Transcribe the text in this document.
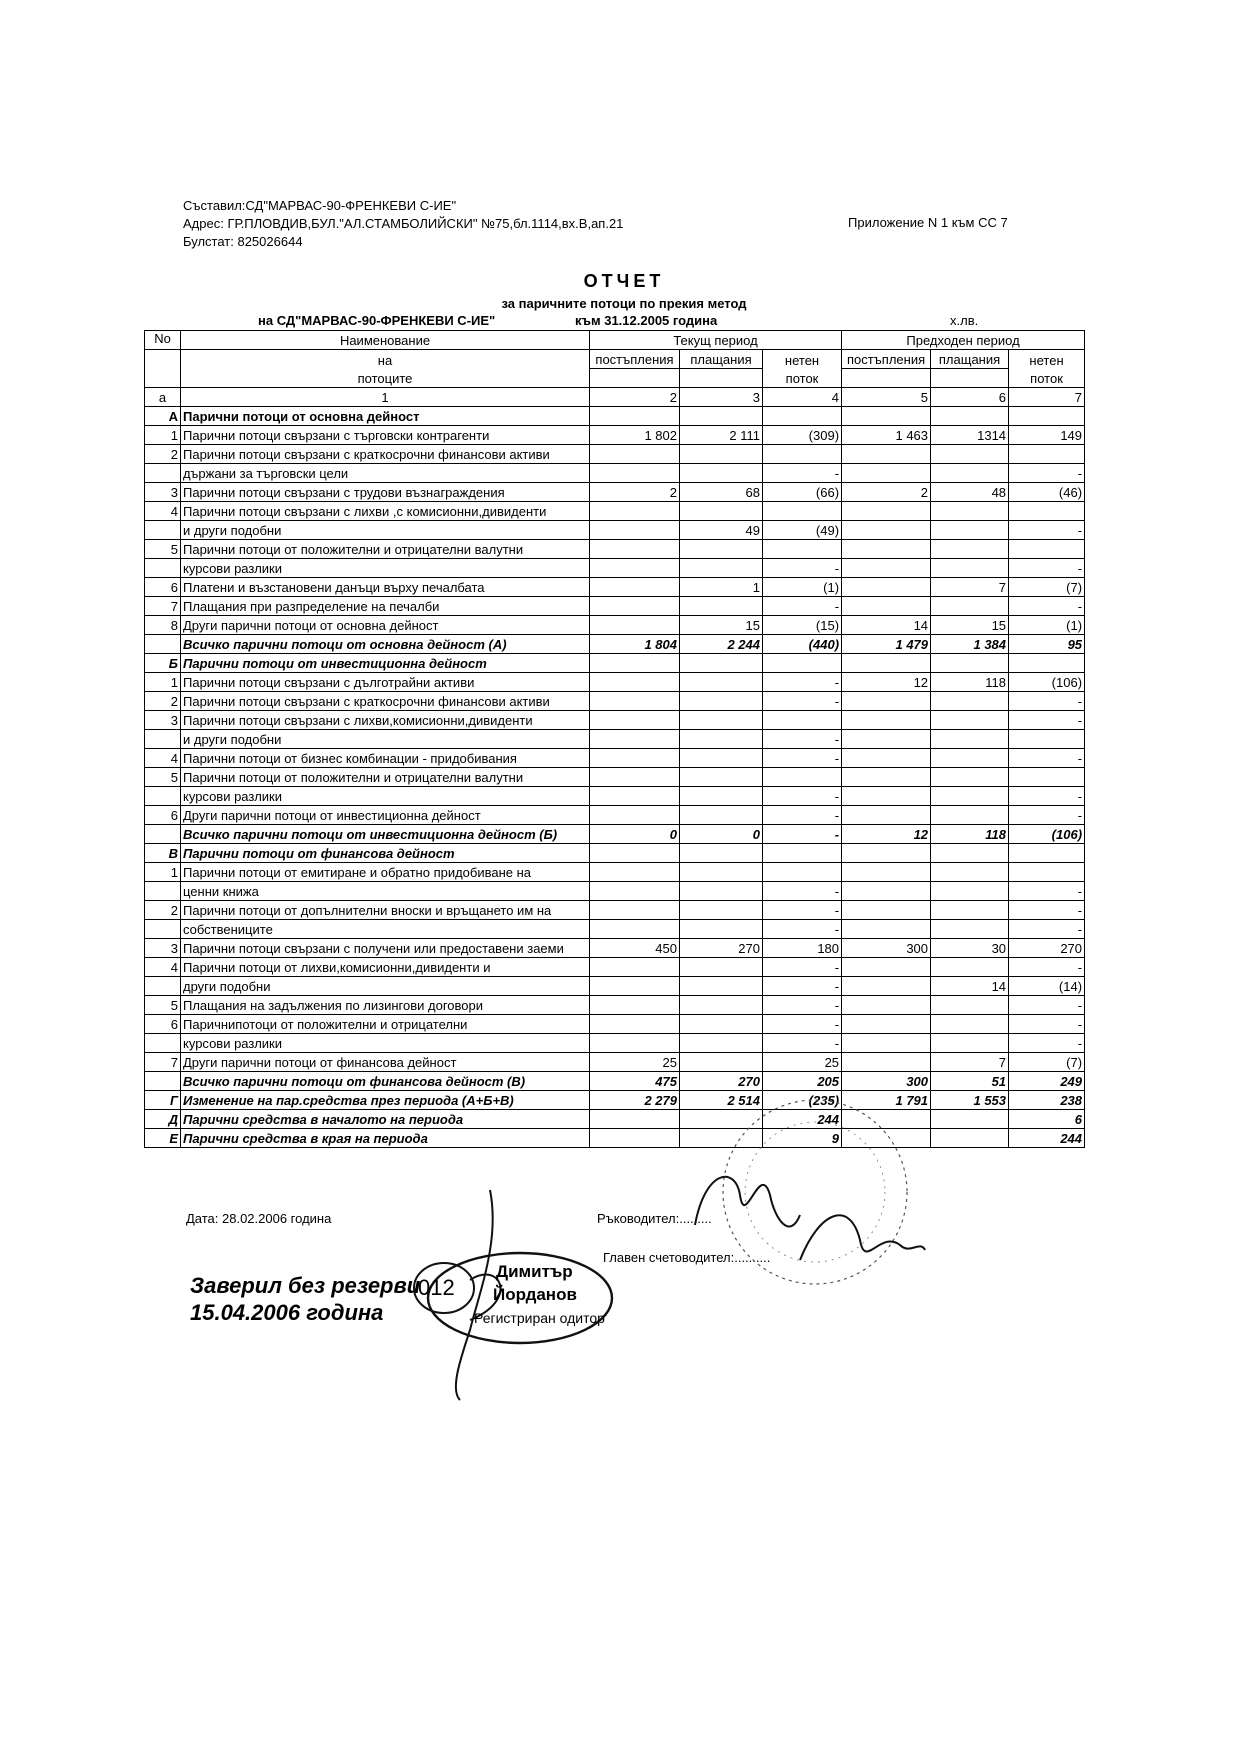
Съставил:СД"МАРВАС-90-ФРЕНКЕВИ С-ИЕ"
Адрес: ГР.ПЛОВДИВ,БУЛ."АЛ.СТАМБОЛИЙСКИ" №75,бл.1114,вх.В,ап.21
Булстат: 825026644
Приложение N 1 към СС 7
ОТЧЕТ
за паричните потоци по прекия метод
на СД"МАРВАС-90-ФРЕНКЕВИ С-ИЕ"	към 31.12.2005 година	х.лв.
No	Наименование	Текущ период			Предходен период		
	на	постъпления	плащания	нетен	постъпления	плащания	нетен
	потоците			поток			поток
а	1	2	3	4	5	6	7
А	Парични потоци от основна дейност						
1	Парични потоци свързани с търговски контрагенти	1 802	2 111	(309)	1 463	1314	149
2	Парични потоци свързани с краткосрочни финансови активи						
	държани за търговски цели			-			-
3	Парични потоци свързани с трудови възнаграждения	2	68	(66)	2	48	(46)
4	Парични потоци свързани с лихви ,с комисионни,дивиденти						
	и други подобни		49	(49)			-
5	Парични потоци от положителни и отрицателни валутни						
	курсови разлики			-			-
6	Платени и възстановени данъци върху печалбата		1	(1)		7	(7)
7	Плащания при разпределение на печалби			-			-
8	Други парични потоци от основна дейност		15	(15)	14	15	(1)
	Всичко парични потоци от основна дейност (А)	1 804	2 244	(440)	1 479	1 384	95
Б	Парични потоци от инвестиционна дейност						
1	Парични потоци свързани с дълготрайни активи			-	12	118	(106)
2	Парични потоци свързани с краткосрочни финансови активи			-			-
3	Парични потоци свързани с лихви,комисионни,дивиденти						-
	и други подобни			-			
4	Парични потоци от бизнес комбинации - придобивания			-			-
5	Парични потоци от положителни и отрицателни валутни						
	курсови разлики			-			-
6	Други парични потоци от инвестиционна дейност			-			-
	Всичко парични потоци от инвестиционна дейност (Б)	0	0	-	12	118	(106)
В	Парични потоци от финансова дейност						
1	Парични потоци от емитиране и обратно придобиване на						
	ценни книжа			-			-
2	Парични потоци от допълнителни вноски и връщането им на			-			-
	собствениците			-			-
3	Парични потоци свързани с получени или предоставени заеми	450	270	180	300	30	270
4	Парични потоци от лихви,комисионни,дивиденти и			-			-
	други подобни			-		14	(14)
5	Плащания на задължения по лизингови договори			-			-
6	Паричнипотоци от положителни и отрицателни			-			-
	курсови разлики			-			-
7	Други парични потоци от финансова дейност	25		25		7	(7)
	Всичко парични потоци от финансова дейност (В)	475	270	205	300	51	249
Г	Изменение на пар.средства през периода (А+Б+В)	2 279	2 514	(235)	1 791	1 553	238
Д	Парични средства в началото на периода			244			6
Е	Парични средства в края на периода			9			244
Дата: 28.02.2006 година	Ръководител:.........
Главен счетоводител:..........
Заверил без резерви
15.04.2006 година
012
Димитър
Йорданов
Регистриран одитор
